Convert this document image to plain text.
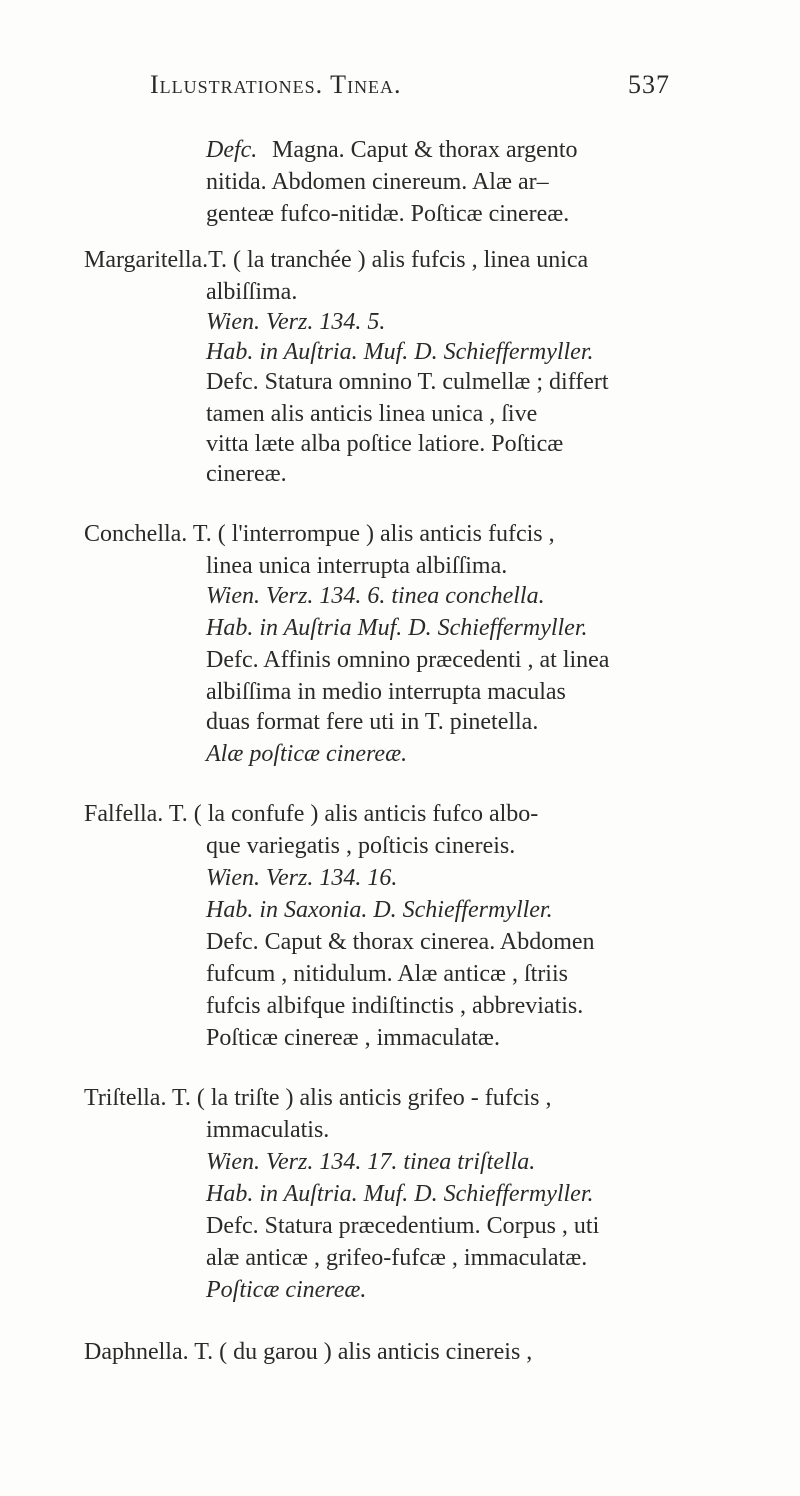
Illustrationes. Tinea.	537
Defc. Magna. Caput & thorax argento
nitida. Abdomen cinereum. Alæ ar–
genteæ fufco-nitidæ. Poſticæ cinereæ.
Margaritella.T. ( la tranchée ) alis fufcis , linea unica
albiſſima.
Wien. Verz. 134. 5.
Hab. in Auſtria. Muf. D. Schieffermyller.
Defc. Statura omnino T. culmellæ ; differt
tamen alis anticis linea unica , ſive
vitta læte alba poſtice latiore. Poſticæ
cinereæ.
Conchella. T. ( l'interrompue ) alis anticis fufcis ,
linea unica interrupta albiſſima.
Wien. Verz. 134. 6. tinea conchella.
Hab. in Auſtria Muf. D. Schieffermyller.
Defc. Affinis omnino præcedenti , at linea
albiſſima in medio interrupta maculas
duas format fere uti in T. pinetella.
Alæ poſticæ cinereæ.
Falfella. T. ( la confufe ) alis anticis fufco albo-
que variegatis , poſticis cinereis.
Wien. Verz. 134. 16.
Hab. in Saxonia. D. Schieffermyller.
Defc. Caput & thorax cinerea. Abdomen
fufcum , nitidulum. Alæ anticæ , ſtriis
fufcis albifque indiſtinctis , abbreviatis.
Poſticæ cinereæ , immaculatæ.
Triſtella. T. ( la triſte ) alis anticis grifeo - fufcis ,
immaculatis.
Wien. Verz. 134. 17. tinea triſtella.
Hab. in Auſtria. Muf. D. Schieffermyller.
Defc. Statura præcedentium. Corpus , uti
alæ anticæ , grifeo-fufcæ , immaculatæ.
Poſticæ cinereæ.
Daphnella. T. ( du garou ) alis anticis cinereis ,
